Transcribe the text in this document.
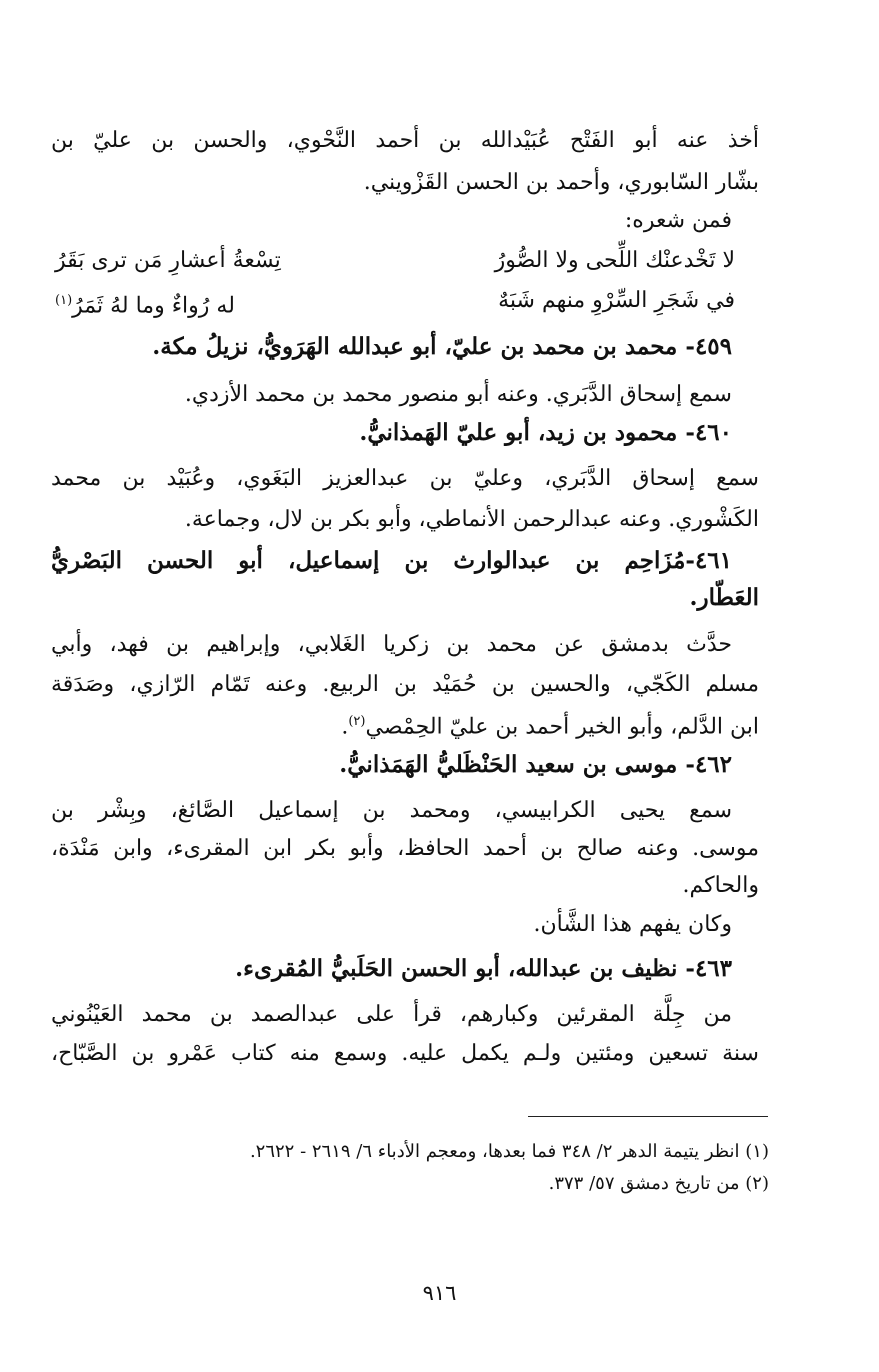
أخذ عنه أبو الفَتْح عُبَيْدالله بن أحمد النَّحْوي، والحسن بن عليّ بن
بشّار السّابوري، وأحمد بن الحسن القَزْويني.
فمن شعره:
لا تَخْدعنْك اللِّحى ولا الصُّورُ
تِسْعةُ أعشارِ مَن ترى بَقَرُ
في شَجَرِ السِّرْوِ منهم شَبَهٌ
له رُواءٌ وما لهُ ثَمَرُ$^{(١)}$
٤٥٩- محمد بن محمد بن عليّ، أبو عبدالله الهَرَويُّ، نزيلُ مكة.
سمع إسحاق الدَّبَري. وعنه أبو منصور محمد بن محمد الأزدي.
٤٦٠- محمود بن زيد، أبو عليّ الهَمذانيُّ.
سمع إسحاق الدَّبَري، وعليّ بن عبدالعزيز البَغَوي، وعُبَيْد بن محمد
الكَشْوري. وعنه عبدالرحمن الأنماطي، وأبو بكر بن لال، وجماعة.
٤٦١-مُزَاحِم بن عبدالوارث بن إسماعيل، أبو الحسن البَصْريُّ
العَطّار.
حدَّث بدمشق عن محمد بن زكريا الغَلابي، وإبراهيم بن فهد، وأبي
مسلم الكَجّي، والحسين بن حُمَيْد بن الربيع. وعنه تَمّام الرّازي، وصَدَقة
ابن الدَّلم، وأبو الخير أحمد بن عليّ الحِمْصي$^{(٢)}$.
٤٦٢- موسى بن سعيد الحَنْظَليُّ الهَمَذانيُّ.
سمع يحيى الكرابيسي، ومحمد بن إسماعيل الصَّائغ، وبِشْر بن
موسى. وعنه صالح بن أحمد الحافظ، وأبو بكر ابن المقرىء، وابن مَنْدَة،
والحاكم.
وكان يفهم هذا الشَّأن.
٤٦٣- نظيف بن عبدالله، أبو الحسن الحَلَبيُّ المُقرىء.
من جِلَّة المقرئين وكبارهم، قرأ على عبدالصمد بن محمد العَيْنُوني
سنة تسعين ومئتين ولـم يكمل عليه. وسمع منه كتاب عَمْرو بن الصَّبّاح،
(١) انظر يتيمة الدهر ٢/ ٣٤٨ فما بعدها، ومعجم الأدباء ٦/ ٢٦١٩ - ٢٦٢٢.
(٢) من تاريخ دمشق ٥٧/ ٣٧٣.
٩١٦
